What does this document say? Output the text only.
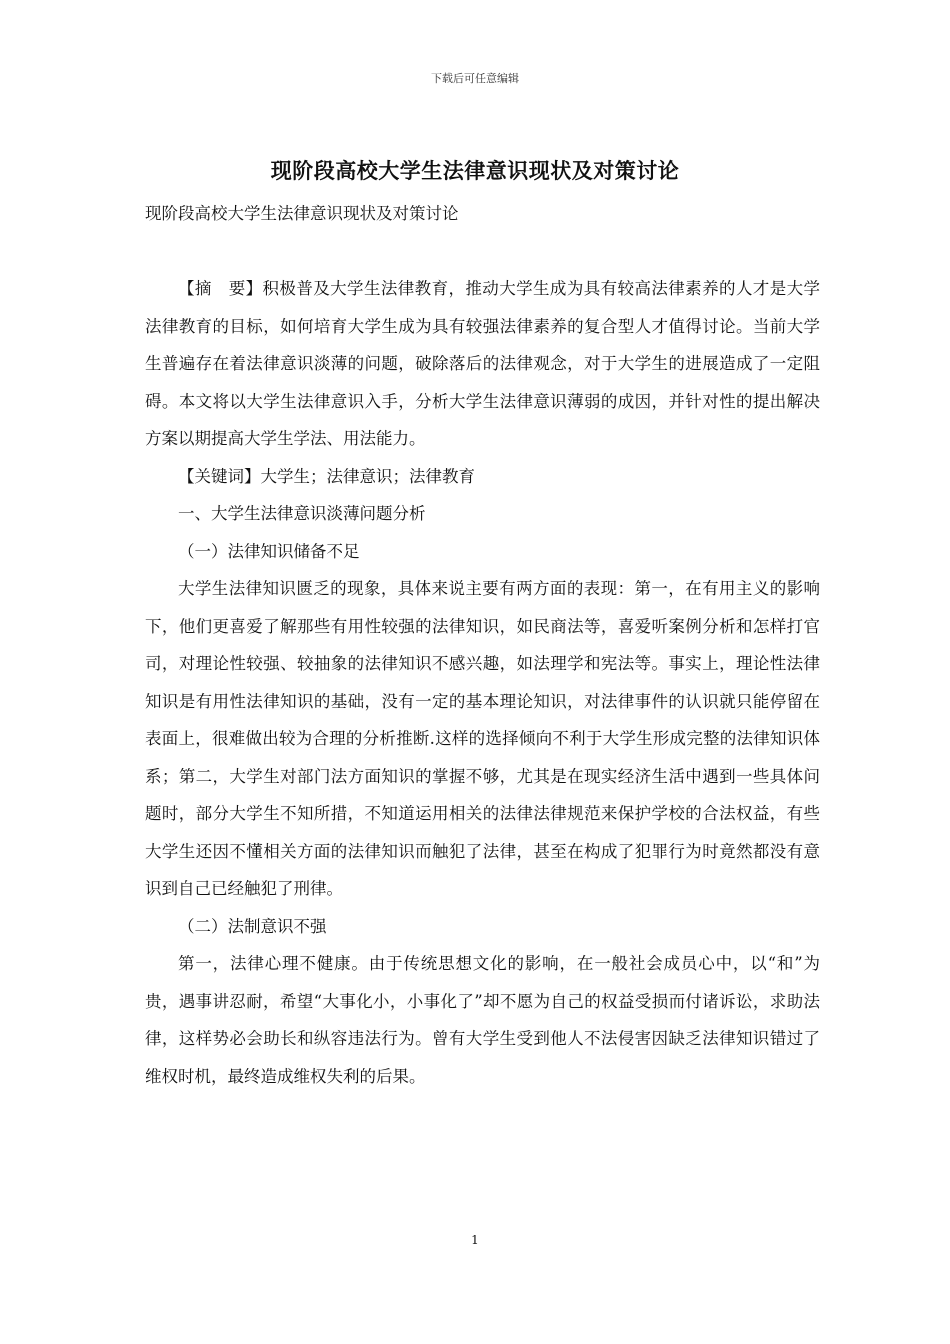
下载后可任意编辑
现阶段高校大学生法律意识现状及对策讨论

现阶段高校大学生法律意识现状及对策讨论

【摘　要】积极普及大学生法律教育，推动大学生成为具有较高法律素养的人才是大学法律教育的目标，如何培育大学生成为具有较强法律素养的复合型人才值得讨论。当前大学生普遍存在着法律意识淡薄的问题，破除落后的法律观念，对于大学生的进展造成了一定阻碍。本文将以大学生法律意识入手，分析大学生法律意识薄弱的成因，并针对性的提出解决方案以期提高大学生学法、用法能力。

【关键词】大学生；法律意识；法律教育

一、大学生法律意识淡薄问题分析

（一）法律知识储备不足

大学生法律知识匮乏的现象，具体来说主要有两方面的表现：第一，在有用主义的影响下，他们更喜爱了解那些有用性较强的法律知识，如民商法等，喜爱听案例分析和怎样打官司，对理论性较强、较抽象的法律知识不感兴趣，如法理学和宪法等。事实上，理论性法律知识是有用性法律知识的基础，没有一定的基本理论知识，对法律事件的认识就只能停留在表面上，很难做出较为合理的分析推断.这样的选择倾向不利于大学生形成完整的法律知识体系；第二，大学生对部门法方面知识的掌握不够，尤其是在现实经济生活中遇到一些具体问题时，部分大学生不知所措，不知道运用相关的法律法律规范来保护学校的合法权益，有些大学生还因不懂相关方面的法律知识而触犯了法律，甚至在构成了犯罪行为时竟然都没有意识到自己已经触犯了刑律。

（二）法制意识不强

第一，法律心理不健康。由于传统思想文化的影响，在一般社会成员心中，以“和”为贵，遇事讲忍耐，希望“大事化小，小事化了”却不愿为自己的权益受损而付诸诉讼，求助法律，这样势必会助长和纵容违法行为。曾有大学生受到他人不法侵害因缺乏法律知识错过了维权时机，最终造成维权失利的后果。

1
